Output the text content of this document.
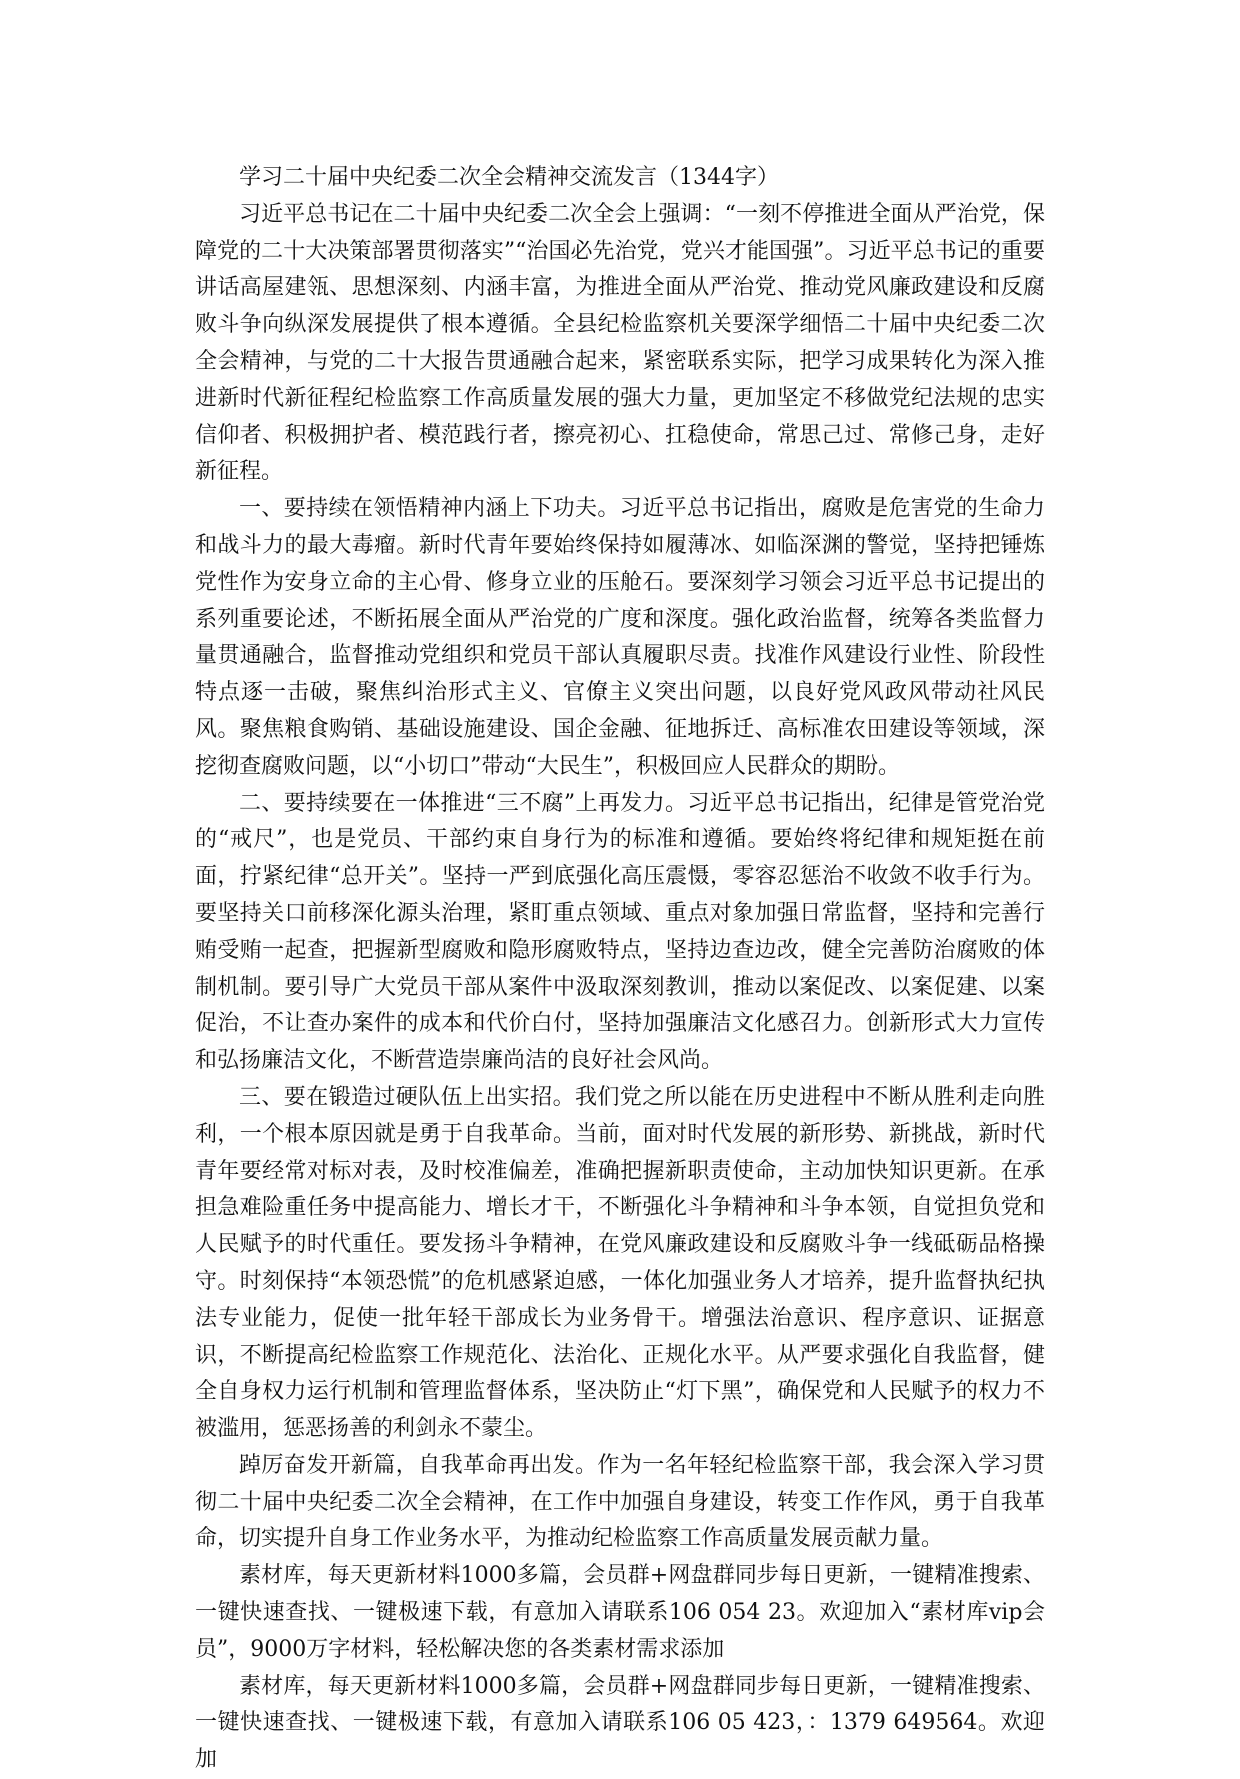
学习二十届中央纪委二次全会精神交流发言（1344字）

习近平总书记在二十届中央纪委二次全会上强调：“一刻不停推进全面从严治党，保障党的二十大决策部署贯彻落实”“治国必先治党，党兴才能国强”。习近平总书记的重要讲话高屋建瓴、思想深刻、内涵丰富，为推进全面从严治党、推动党风廉政建设和反腐败斗争向纵深发展提供了根本遵循。全县纪检监察机关要深学细悟二十届中央纪委二次全会精神，与党的二十大报告贯通融合起来，紧密联系实际，把学习成果转化为深入推进新时代新征程纪检监察工作高质量发展的强大力量，更加坚定不移做党纪法规的忠实信仰者、积极拥护者、模范践行者，擦亮初心、扛稳使命，常思己过、常修己身，走好新征程。

一、要持续在领悟精神内涵上下功夫。习近平总书记指出，腐败是危害党的生命力和战斗力的最大毒瘤。新时代青年要始终保持如履薄冰、如临深渊的警觉，坚持把锤炼党性作为安身立命的主心骨、修身立业的压舱石。要深刻学习领会习近平总书记提出的系列重要论述，不断拓展全面从严治党的广度和深度。强化政治监督，统筹各类监督力量贯通融合，监督推动党组织和党员干部认真履职尽责。找准作风建设行业性、阶段性特点逐一击破，聚焦纠治形式主义、官僚主义突出问题，以良好党风政风带动社风民风。聚焦粮食购销、基础设施建设、国企金融、征地拆迁、高标准农田建设等领域，深挖彻查腐败问题，以“小切口”带动“大民生”，积极回应人民群众的期盼。

二、要持续要在一体推进“三不腐”上再发力。习近平总书记指出，纪律是管党治党的“戒尺”，也是党员、干部约束自身行为的标准和遵循。要始终将纪律和规矩挺在前面，拧紧纪律“总开关”。坚持一严到底强化高压震慑，零容忍惩治不收敛不收手行为。要坚持关口前移深化源头治理，紧盯重点领域、重点对象加强日常监督，坚持和完善行贿受贿一起查，把握新型腐败和隐形腐败特点，坚持边查边改，健全完善防治腐败的体制机制。要引导广大党员干部从案件中汲取深刻教训，推动以案促改、以案促建、以案促治，不让查办案件的成本和代价白付，坚持加强廉洁文化感召力。创新形式大力宣传和弘扬廉洁文化，不断营造崇廉尚洁的良好社会风尚。

三、要在锻造过硬队伍上出实招。我们党之所以能在历史进程中不断从胜利走向胜利，一个根本原因就是勇于自我革命。当前，面对时代发展的新形势、新挑战，新时代青年要经常对标对表，及时校准偏差，准确把握新职责使命，主动加快知识更新。在承担急难险重任务中提高能力、增长才干，不断强化斗争精神和斗争本领，自觉担负党和人民赋予的时代重任。要发扬斗争精神，在党风廉政建设和反腐败斗争一线砥砺品格操守。时刻保持“本领恐慌”的危机感紧迫感，一体化加强业务人才培养，提升监督执纪执法专业能力，促使一批年轻干部成长为业务骨干。增强法治意识、程序意识、证据意识，不断提高纪检监察工作规范化、法治化、正规化水平。从严要求强化自我监督，健全自身权力运行机制和管理监督体系，坚决防止“灯下黑”，确保党和人民赋予的权力不被滥用，惩恶扬善的利剑永不蒙尘。

踔厉奋发开新篇，自我革命再出发。作为一名年轻纪检监察干部，我会深入学习贯彻二十届中央纪委二次全会精神，在工作中加强自身建设，转变工作作风，勇于自我革命，切实提升自身工作业务水平，为推动纪检监察工作高质量发展贡献力量。

素材库，每天更新材料1000多篇，会员群+网盘群同步每日更新，一键精准搜索、一键快速查找、一键极速下载，有意加入请联系106 054 23。欢迎加入“素材库vip会员”，9000万字材料，轻松解决您的各类素材需求添加

素材库，每天更新材料1000多篇，会员群+网盘群同步每日更新，一键精准搜索、一键快速查找、一键极速下载，有意加入请联系106 05 423，：1379 649564。欢迎加
